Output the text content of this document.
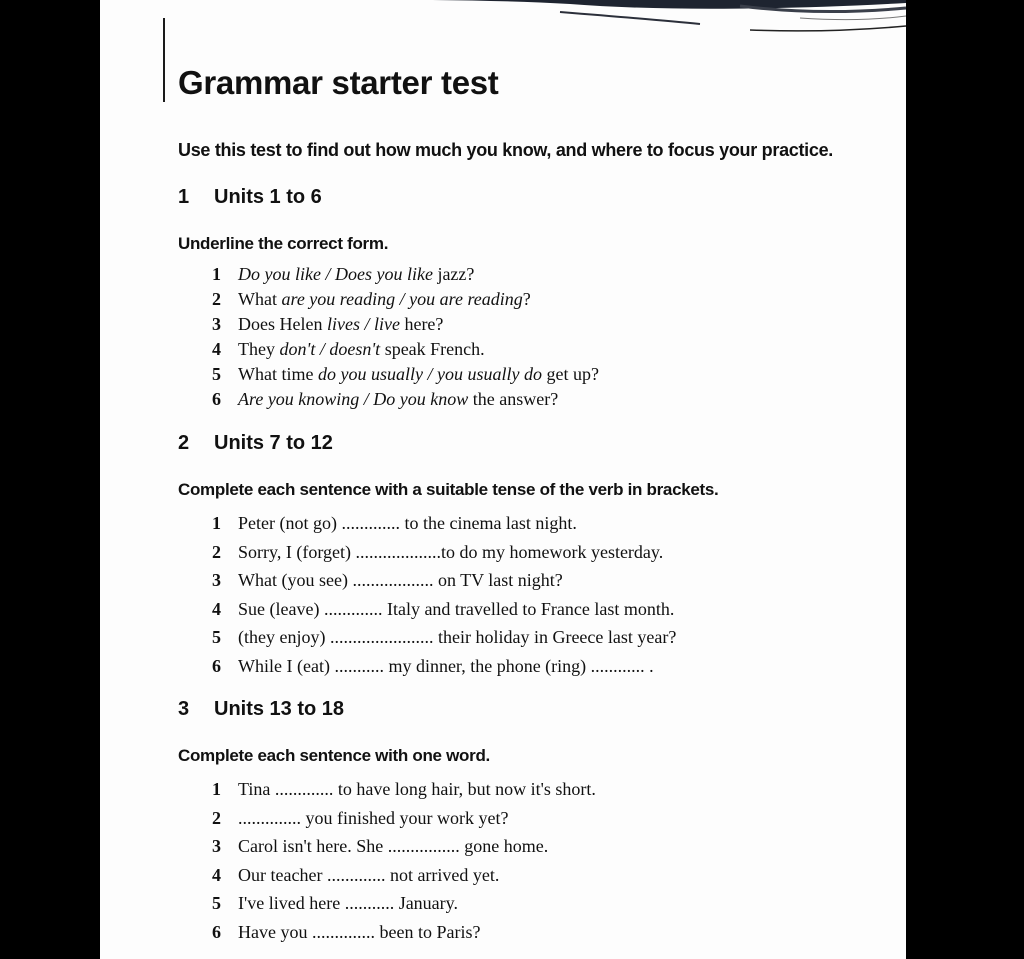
Grammar starter test
Use this test to find out how much you know, and where to focus your practice.
1 Units 1 to 6
Underline the correct form.
1 Do you like / Does you like jazz?
2 What are you reading / you are reading?
3 Does Helen lives / live here?
4 They don't / doesn't speak French.
5 What time do you usually / you usually do get up?
6 Are you knowing / Do you know the answer?
2 Units 7 to 12
Complete each sentence with a suitable tense of the verb in brackets.
1 Peter (not go) ............. to the cinema last night.
2 Sorry, I (forget) ...................to do my homework yesterday.
3 What (you see) .................. on TV last night?
4 Sue (leave) ............. Italy and travelled to France last month.
5 (they enjoy) ....................... their holiday in Greece last year?
6 While I (eat) ........... my dinner, the phone (ring) ............ .
3 Units 13 to 18
Complete each sentence with one word.
1 Tina ............. to have long hair, but now it's short.
2 .............. you finished your work yet?
3 Carol isn't here. She ................ gone home.
4 Our teacher ............. not arrived yet.
5 I've lived here ........... January.
6 Have you .............. been to Paris?
